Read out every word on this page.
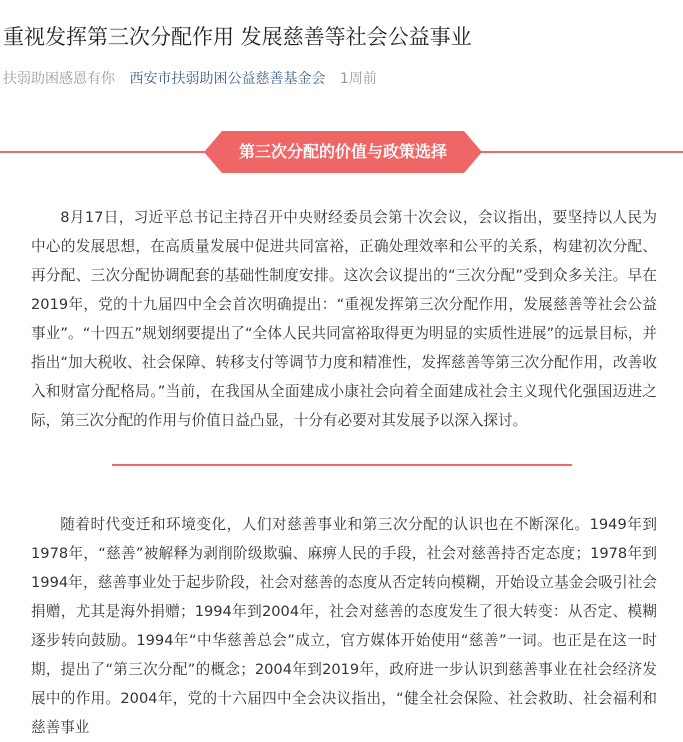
重视发挥第三次分配作用 发展慈善等社会公益事业
扶弱助困感恩有你 西安市扶弱助困公益慈善基金会 1周前
第三次分配的价值与政策选择

8月17日，习近平总书记主持召开中央财经委员会第十次会议，会议指出，要坚持以人民为中心的发展思想，在高质量发展中促进共同富裕，正确处理效率和公平的关系，构建初次分配、再分配、三次分配协调配套的基础性制度安排。这次会议提出的“三次分配”受到众多关注。早在2019年，党的十九届四中全会首次明确提出：“重视发挥第三次分配作用，发展慈善等社会公益事业”。“十四五”规划纲要提出了“全体人民共同富裕取得更为明显的实质性进展”的远景目标，并指出“加大税收、社会保障、转移支付等调节力度和精准性，发挥慈善等第三次分配作用，改善收入和财富分配格局。”当前，在我国从全面建成小康社会向着全面建成社会主义现代化强国迈进之际，第三次分配的作用与价值日益凸显，十分有必要对其发展予以深入探讨。

随着时代变迁和环境变化，人们对慈善事业和第三次分配的认识也在不断深化。1949年到1978年，“慈善”被解释为剥削阶级欺骗、麻痹人民的手段，社会对慈善持否定态度；1978年到1994年，慈善事业处于起步阶段，社会对慈善的态度从否定转向模糊，开始设立基金会吸引社会捐赠，尤其是海外捐赠；1994年到2004年，社会对慈善的态度发生了很大转变：从否定、模糊逐步转向鼓励。1994年“中华慈善总会”成立，官方媒体开始使用“慈善”一词。也正是在这一时期，提出了“第三次分配”的概念；2004年到2019年，政府进一步认识到慈善事业在社会经济发展中的作用。2004年，党的十六届四中全会决议指出，“健全社会保险、社会救助、社会福利和慈善事业
